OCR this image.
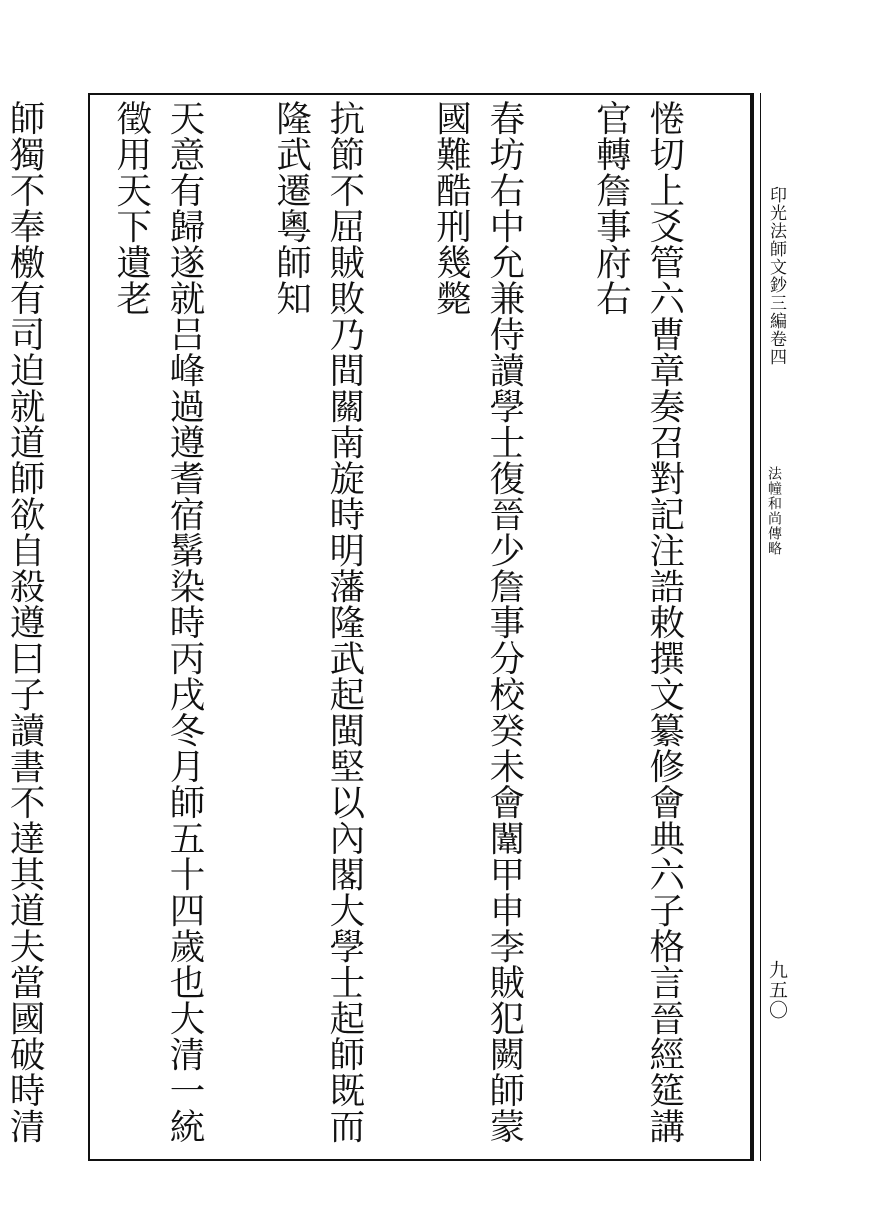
印光法師文鈔三編卷四
法幢和尚傳略
九五〇

惓切上爻管六曹章奏召對記注誥敕撰文纂修會典六子格言晉經筵講官轉詹事府右

春坊右中允兼侍讀學士復晉少詹事分校癸未會闈甲申李賊犯闕師蒙國難酷刑幾斃

抗節不屈賊敗乃間關南旋時明藩隆武起閩堅以內閣大學士起師既而隆武遷粵師知

天意有歸遂就吕峰過遵耆宿鬀染時丙戌冬月師五十四歲也大清一統徵用天下遺老

師獨不奉檄有司迫就道師欲自殺遵曰子讀書不達其道夫當國破時清
